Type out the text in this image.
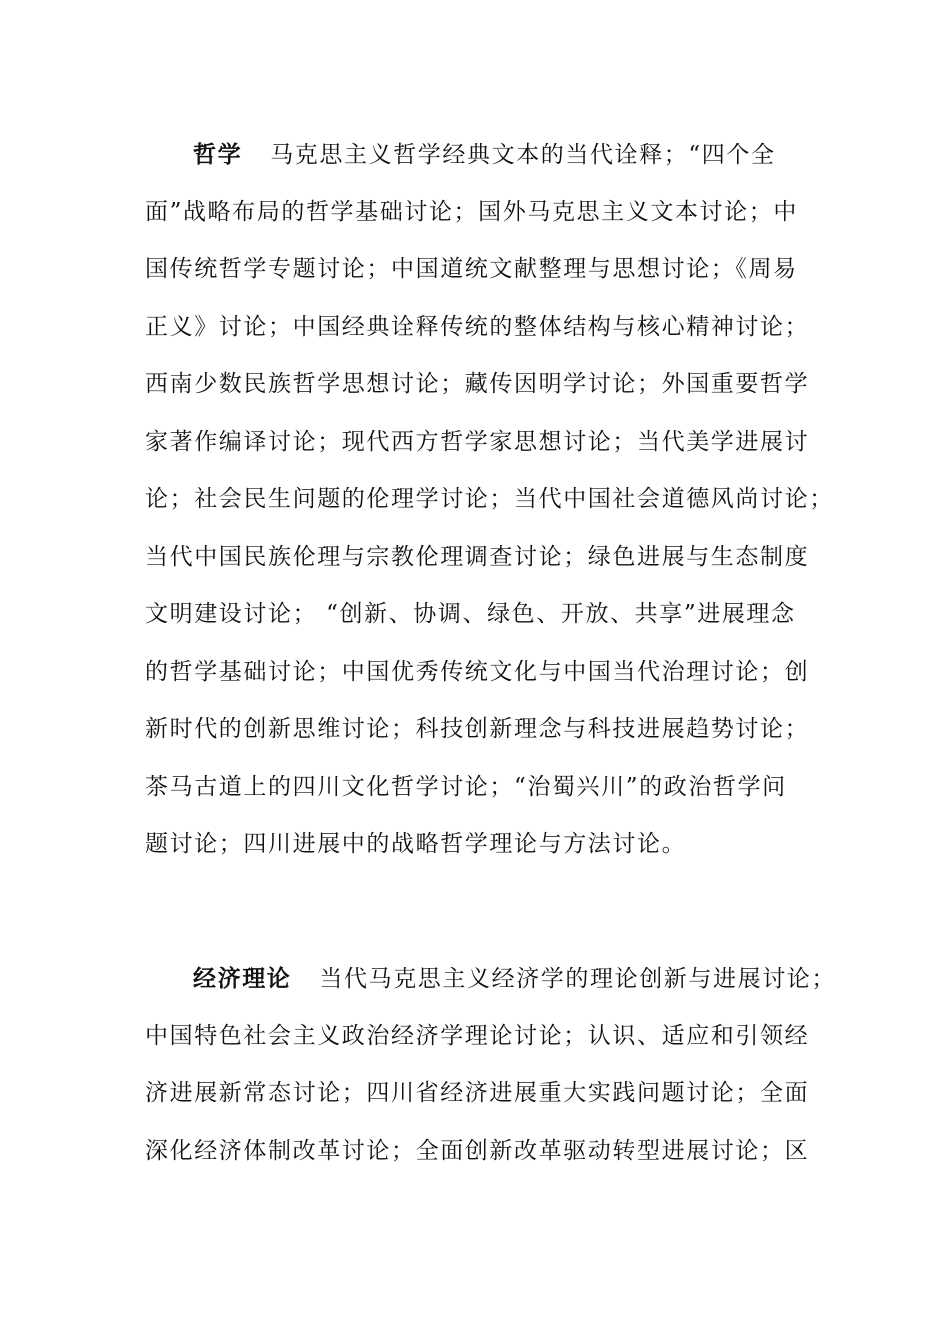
哲学 马克思主义哲学经典文本的当代诠释；“四个全
面”战略布局的哲学基础讨论；国外马克思主义文本讨论；中
国传统哲学专题讨论；中国道统文献整理与思想讨论；《周易
正义》讨论；中国经典诠释传统的整体结构与核心精神讨论；
西南少数民族哲学思想讨论；藏传因明学讨论；外国重要哲学
家著作编译讨论；现代西方哲学家思想讨论；当代美学进展讨
论；社会民生问题的伦理学讨论；当代中国社会道德风尚讨论；
当代中国民族伦理与宗教伦理调查讨论；绿色进展与生态制度
文明建设讨论； “创新、协调、绿色、开放、共享”进展理念
的哲学基础讨论；中国优秀传统文化与中国当代治理讨论；创
新时代的创新思维讨论；科技创新理念与科技进展趋势讨论；
茶马古道上的四川文化哲学讨论；“治蜀兴川”的政治哲学问
题讨论；四川进展中的战略哲学理论与方法讨论。
经济理论 当代马克思主义经济学的理论创新与进展讨论；
中国特色社会主义政治经济学理论讨论；认识、适应和引领经
济进展新常态讨论；四川省经济进展重大实践问题讨论；全面
深化经济体制改革讨论；全面创新改革驱动转型进展讨论；区
